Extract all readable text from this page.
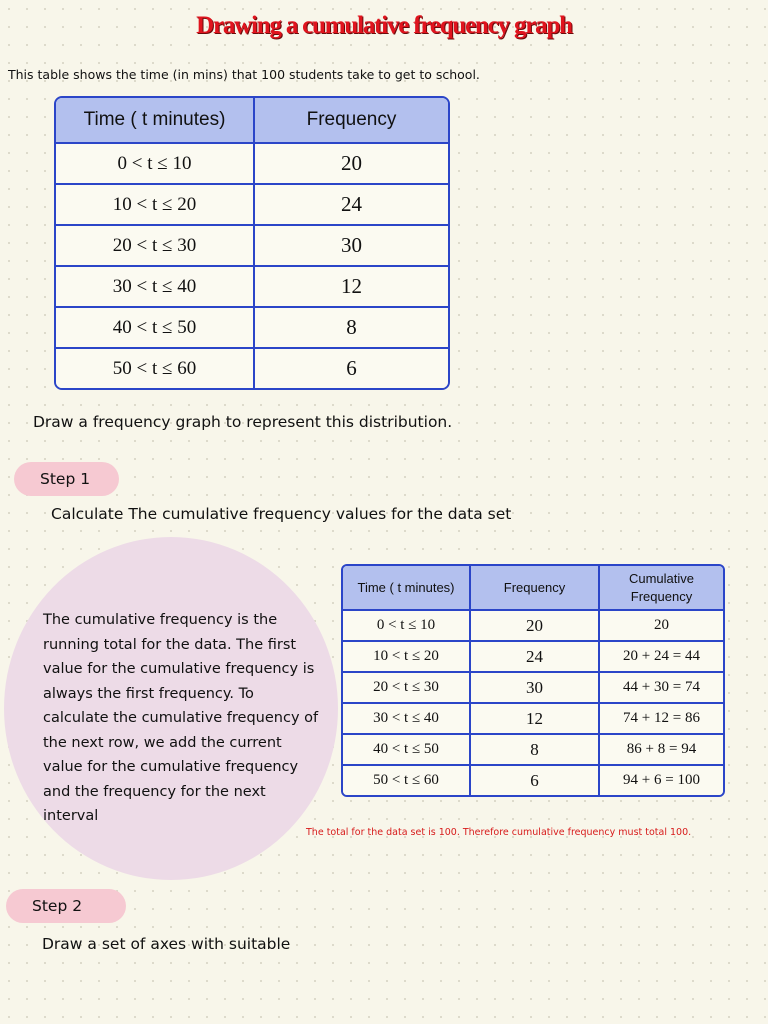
Drawing a cumulative frequency graph
This table shows the time (in mins) that 100 students take to get to school.
Time ( t minutes)	Frequency
0 < t ≤ 10	20
10 < t ≤ 20	24
20 < t ≤ 30	30
30 < t ≤ 40	12
40 < t ≤ 50	8
50 < t ≤ 60	6
Draw a frequency graph to represent this distribution.
Step 1
Calculate The cumulative frequency values for the data set
The cumulative frequency is the running total for the data. The first value for the cumulative frequency is always the first frequency. To calculate the cumulative frequency of the next row, we add the current value for the cumulative frequency and the frequency for the next interval
Time ( t minutes)	Frequency	Cumulative Frequency

0 < t ≤ 10	20	20
10 < t ≤ 20	24	20 + 24 = 44
20 < t ≤ 30	30	44 + 30 = 74
30 < t ≤ 40	12	74 + 12 = 86
40 < t ≤ 50	8	86 + 8 = 94
50 < t ≤ 60	6	94 + 6 = 100
The total for the data set is 100. Therefore cumulative frequency must total 100.
Step 2
Draw a set of axes with suitable
